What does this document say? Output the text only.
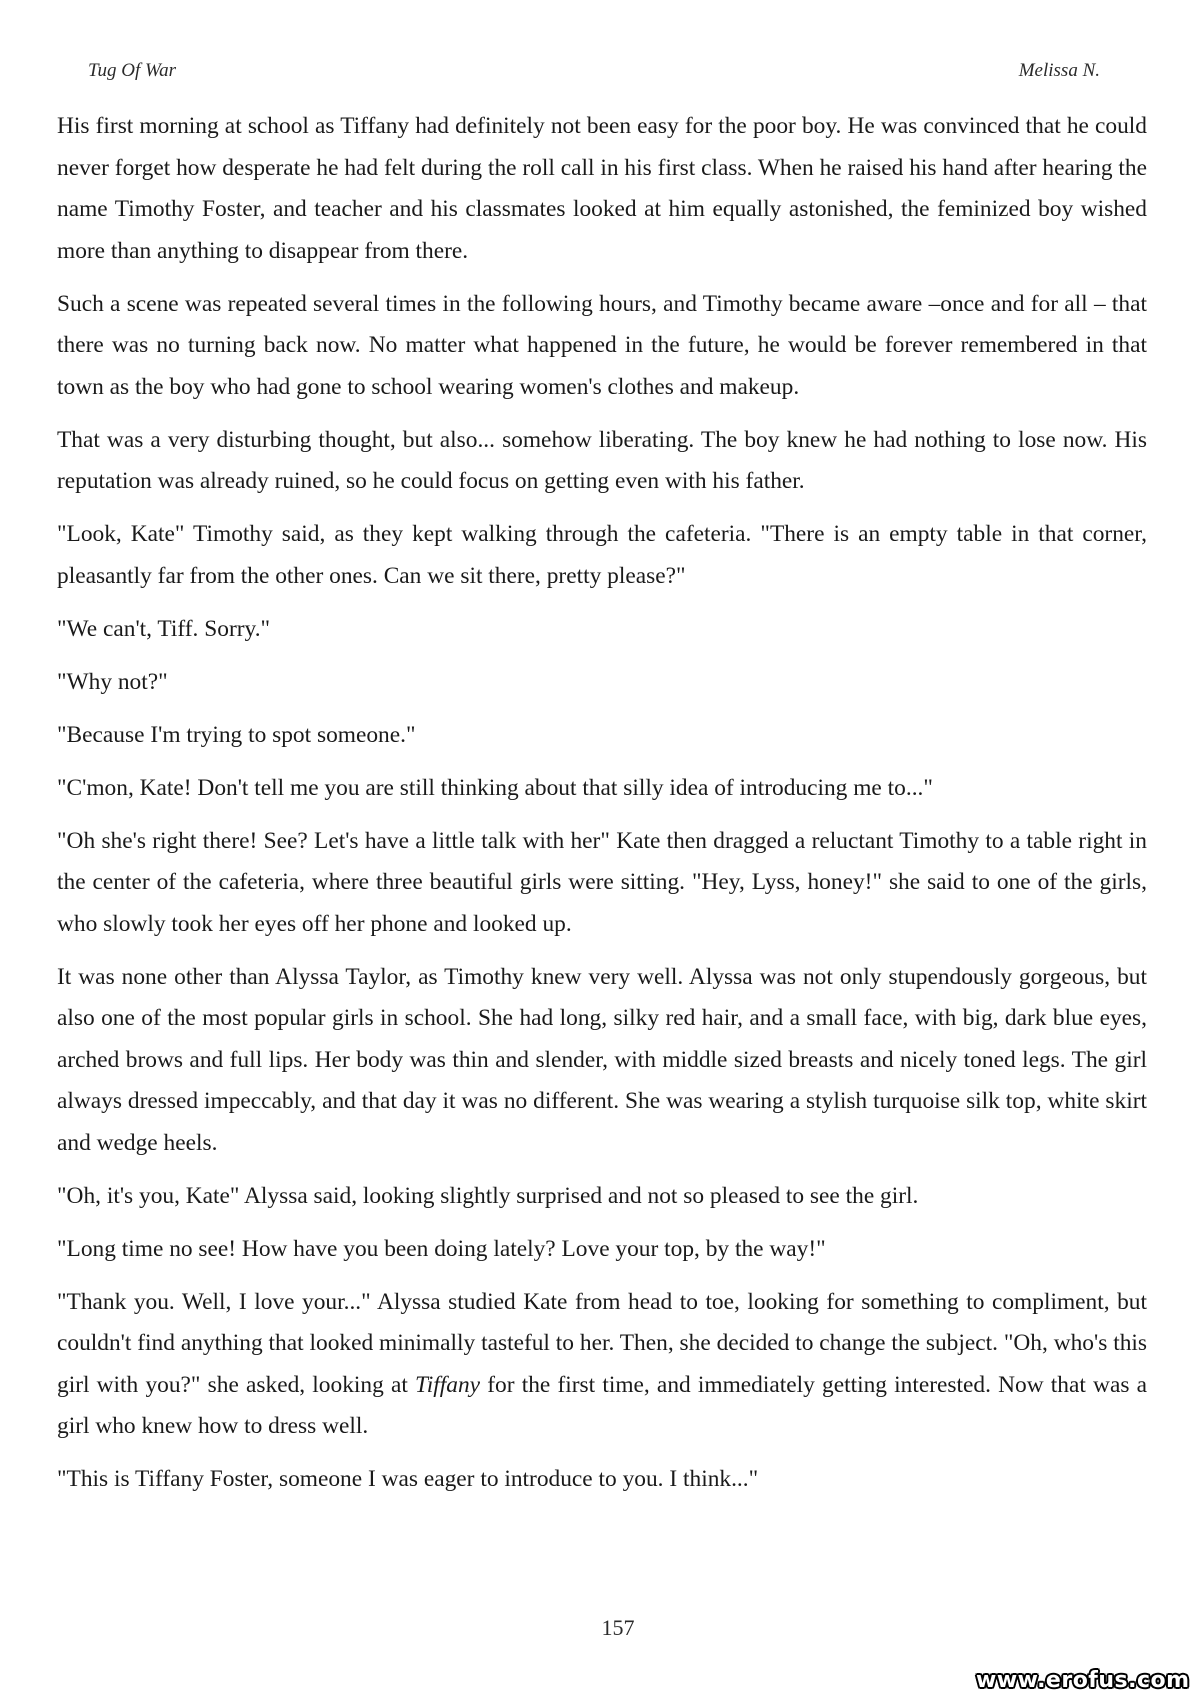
Tug Of War	Melissa N.

His first morning at school as Tiffany had definitely not been easy for the poor boy. He was convinced that he could never forget how desperate he had felt during the roll call in his first class. When he raised his hand after hearing the name Timothy Foster, and teacher and his classmates looked at him equally astonished, the feminized boy wished more than anything to disappear from there.

Such a scene was repeated several times in the following hours, and Timothy became aware –once and for all – that there was no turning back now. No matter what happened in the future, he would be forever remembered in that town as the boy who had gone to school wearing women's clothes and makeup.

That was a very disturbing thought, but also... somehow liberating. The boy knew he had nothing to lose now. His reputation was already ruined, so he could focus on getting even with his father.

"Look, Kate" Timothy said, as they kept walking through the cafeteria. "There is an empty table in that corner, pleasantly far from the other ones. Can we sit there, pretty please?"

"We can't, Tiff. Sorry."

"Why not?"

"Because I'm trying to spot someone."

"C'mon, Kate! Don't tell me you are still thinking about that silly idea of introducing me to..."

"Oh she's right there! See? Let's have a little talk with her" Kate then dragged a reluctant Timothy to a table right in the center of the cafeteria, where three beautiful girls were sitting. "Hey, Lyss, honey!" she said to one of the girls, who slowly took her eyes off her phone and looked up.

It was none other than Alyssa Taylor, as Timothy knew very well. Alyssa was not only stupendously gorgeous, but also one of the most popular girls in school. She had long, silky red hair, and a small face, with big, dark blue eyes, arched brows and full lips. Her body was thin and slender, with middle sized breasts and nicely toned legs. The girl always dressed impeccably, and that day it was no different. She was wearing a stylish turquoise silk top, white skirt and wedge heels.

"Oh, it's you, Kate" Alyssa said, looking slightly surprised and not so pleased to see the girl.

"Long time no see! How have you been doing lately? Love your top, by the way!"

"Thank you. Well, I love your..." Alyssa studied Kate from head to toe, looking for something to compliment, but couldn't find anything that looked minimally tasteful to her. Then, she decided to change the subject. "Oh, who's this girl with you?" she asked, looking at Tiffany for the first time, and immediately getting interested. Now that was a girl who knew how to dress well.

"This is Tiffany Foster, someone I was eager to introduce to you. I think..."

157
www.erofus.com
